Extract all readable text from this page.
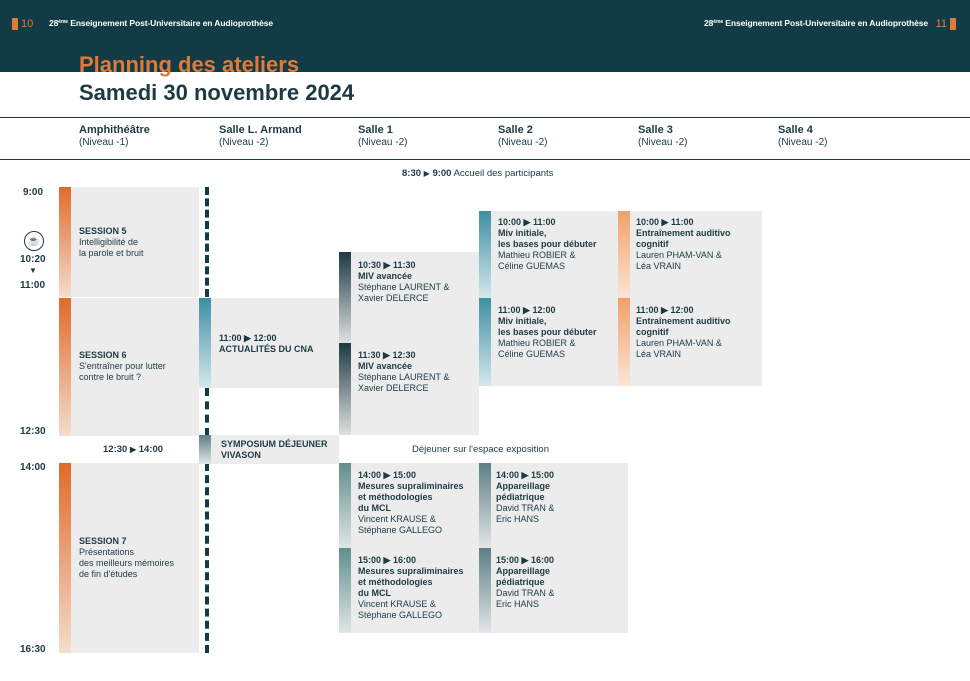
10 28ème Enseignement Post-Universitaire en Audioprothèse	28ème Enseignement Post-Universitaire en Audioprothèse 11
Planning des ateliers
Samedi 30 novembre 2024
Amphithéâtre
(Niveau -1)
Salle L. Armand
(Niveau -2)
Salle 1
(Niveau -2)
Salle 2
(Niveau -2)
Salle 3
(Niveau -2)
Salle 4
(Niveau -2)
8:30 ▶ 9:00 Accueil des participants
9:00
☕
10:20
▼
11:00
12:30
14:00
16:30
SESSION 5
Intelligibilité de
la parole et bruit
SESSION 6
S'entraîner pour lutter
contre le bruit ?
SESSION 7
Présentations
des meilleurs mémoires
de fin d'études
12:30 ▶ 14:00	Déjeuner sur l'espace exposition
11:00 ▶ 12:00
ACTUALITÉS DU CNA
SYMPOSIUM DÉJEUNER
VIVASON
10:30 ▶ 11:30
MIV avancée
Stéphane LAURENT &
Xavier DELERCE
11:30 ▶ 12:30
MIV avancée
Stéphane LAURENT &
Xavier DELERCE
14:00 ▶ 15:00
Mesures supraliminaires
et méthodologies
du MCL
Vincent KRAUSE &
Stéphane GALLEGO
15:00 ▶ 16:00
Mesures supraliminaires
et méthodologies
du MCL
Vincent KRAUSE &
Stéphane GALLEGO
10:00 ▶ 11:00
Miv initiale,
les bases pour débuter
Mathieu ROBIER &
Céline GUEMAS
11:00 ▶ 12:00
Miv initiale,
les bases pour débuter
Mathieu ROBIER &
Céline GUEMAS
14:00 ▶ 15:00
Appareillage
pédiatrique
David TRAN &
Eric HANS
15:00 ▶ 16:00
Appareillage
pédiatrique
David TRAN &
Eric HANS
10:00 ▶ 11:00
Entraînement auditivo
cognitif
Lauren PHAM-VAN &
Léa VRAIN
11:00 ▶ 12:00
Entraînement auditivo
cognitif
Lauren PHAM-VAN &
Léa VRAIN
